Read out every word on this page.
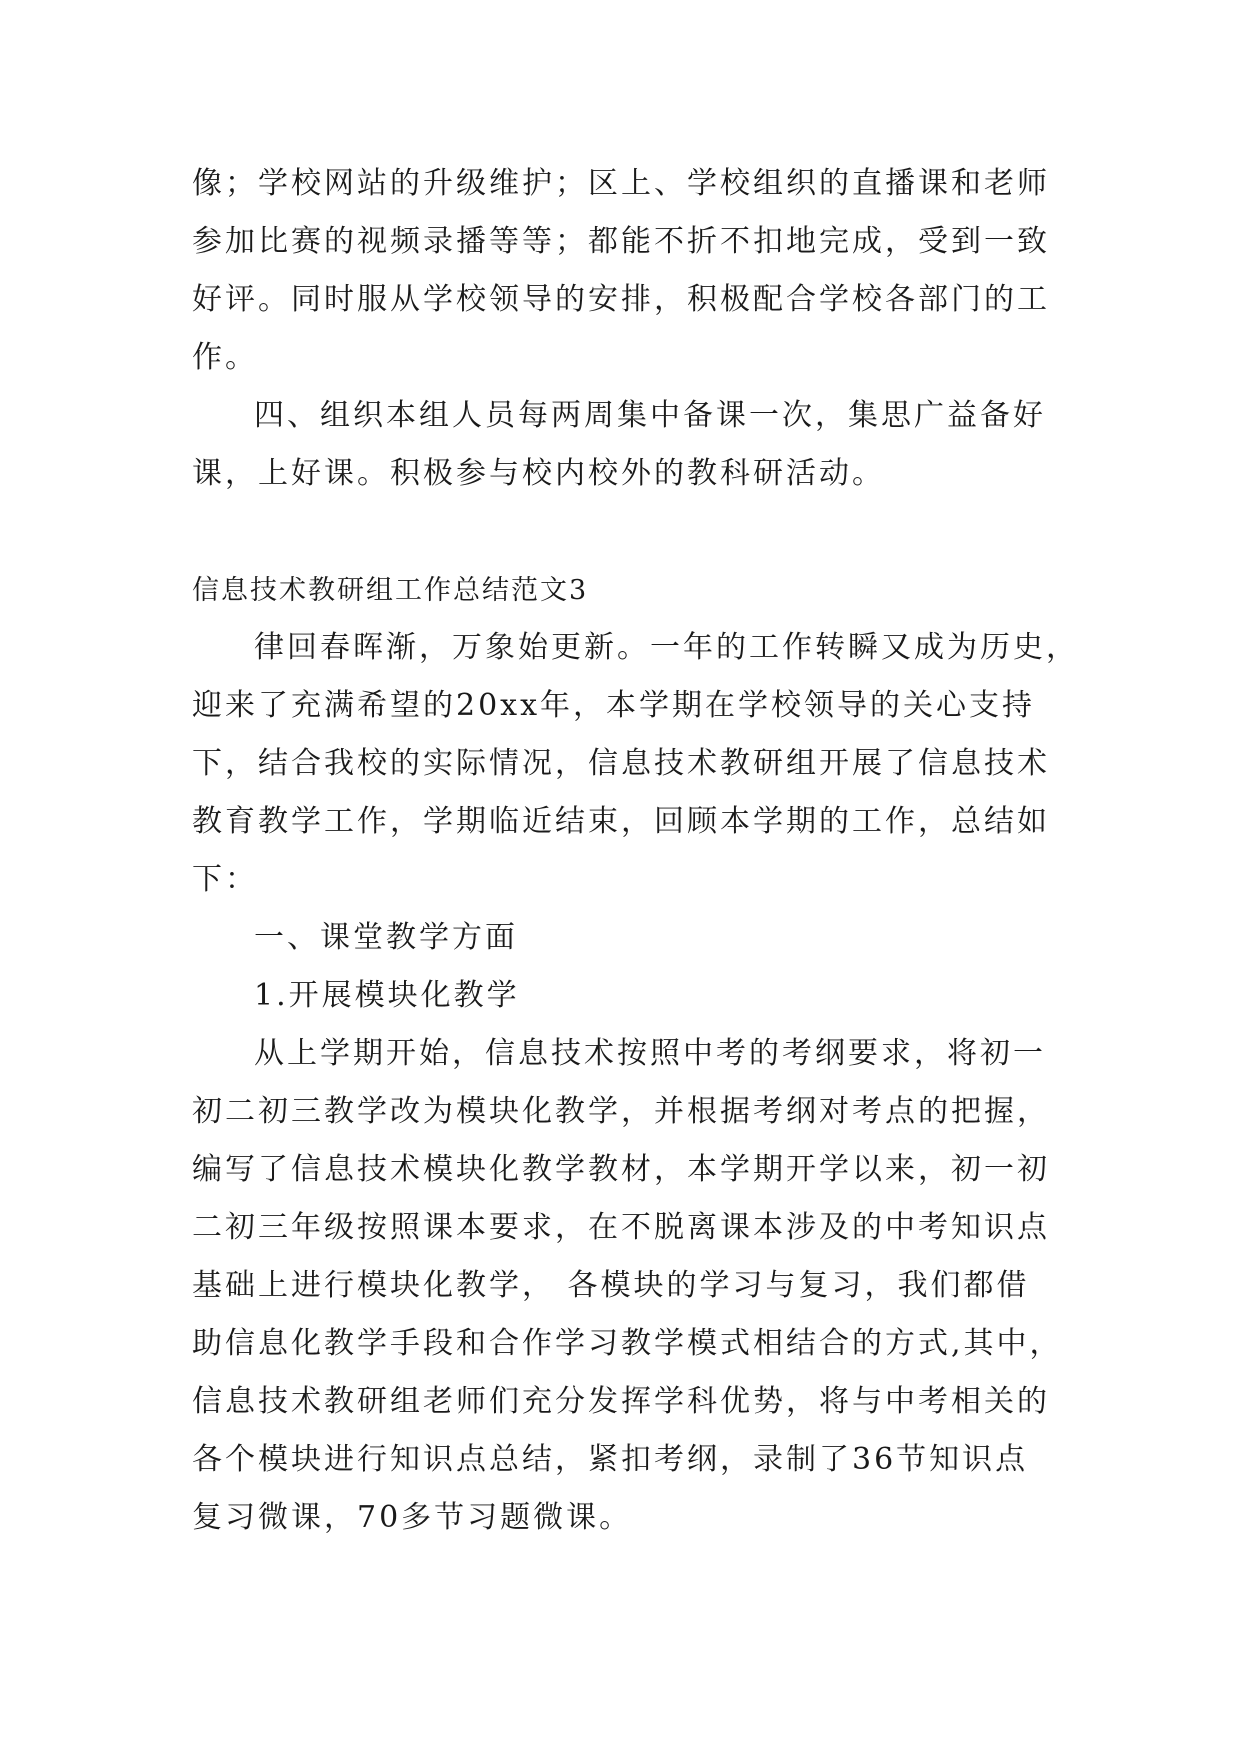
像；学校网站的升级维护；区上、学校组织的直播课和老师

参加比赛的视频录播等等；都能不折不扣地完成，受到一致

好评。同时服从学校领导的安排，积极配合学校各部门的工

作。

四、组织本组人员每两周集中备课一次，集思广益备好

课，上好课。积极参与校内校外的教科研活动。

信息技术教研组工作总结范文3

律回春晖渐，万象始更新。一年的工作转瞬又成为历史，

迎来了充满希望的20xx年，本学期在学校领导的关心支持

下，结合我校的实际情况，信息技术教研组开展了信息技术

教育教学工作，学期临近结束，回顾本学期的工作，总结如

下：

一、课堂教学方面

1.开展模块化教学

从上学期开始，信息技术按照中考的考纲要求，将初一

初二初三教学改为模块化教学，并根据考纲对考点的把握，

编写了信息技术模块化教学教材，本学期开学以来，初一初

二初三年级按照课本要求，在不脱离课本涉及的中考知识点

基础上进行模块化教学， 各模块的学习与复习，我们都借

助信息化教学手段和合作学习教学模式相结合的方式,其中，

信息技术教研组老师们充分发挥学科优势，将与中考相关的

各个模块进行知识点总结，紧扣考纲，录制了36节知识点

复习微课，70多节习题微课。
